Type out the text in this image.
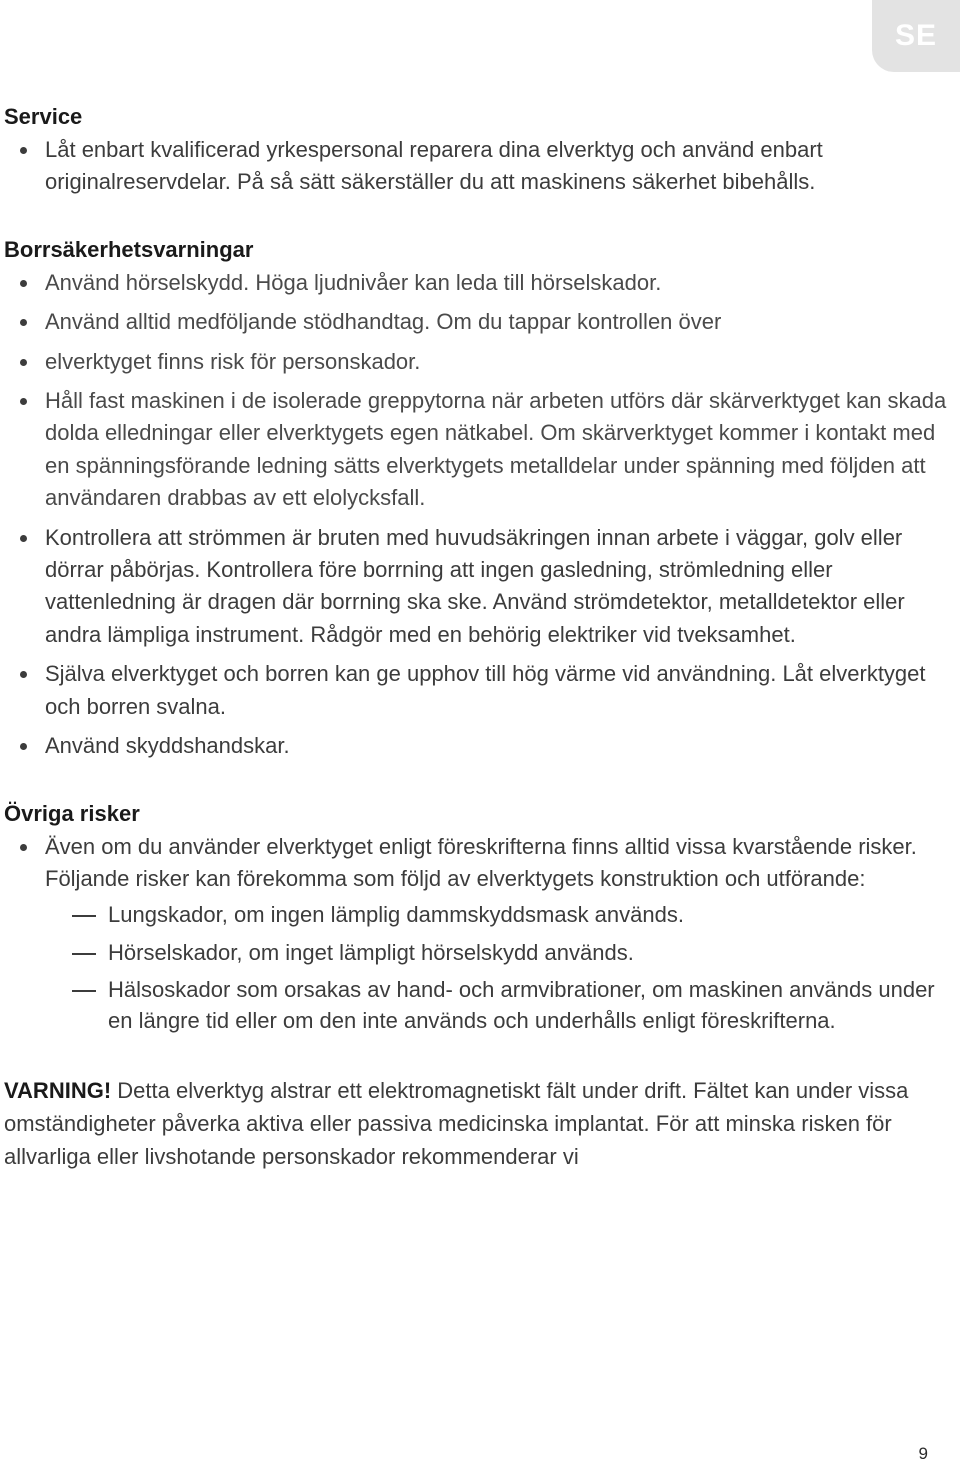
SE
Service
Låt enbart kvalificerad yrkespersonal reparera dina elverktyg och använd enbart originalreservdelar. På så sätt säkerställer du att maskinens säkerhet bibehålls.
Borrsäkerhetsvarningar
Använd hörselskydd. Höga ljudnivåer kan leda till hörselskador.
Använd alltid medföljande stödhandtag. Om du tappar kontrollen över
elverktyget finns risk för personskador.
Håll fast maskinen i de isolerade greppytorna när arbeten utförs där skärverktyget kan skada dolda elledningar eller elverktygets egen nätkabel. Om skärverktyget kommer i kontakt med en spänningsförande ledning sätts elverktygets metalldelar under spänning med följden att användaren drabbas av ett elolycksfall.
Kontrollera att strömmen är bruten med huvudsäkringen innan arbete i väggar, golv eller dörrar påbörjas. Kontrollera före borrning att ingen gasledning, strömledning eller vattenledning är dragen där borrning ska ske. Använd strömdetektor, metalldetektor eller andra lämpliga instrument. Rådgör med en behörig elektriker vid tveksamhet.
Själva elverktyget och borren kan ge upphov till hög värme vid användning. Låt elverktyget och borren svalna.
Använd skyddshandskar.
Övriga risker
Även om du använder elverktyget enligt föreskrifterna finns alltid vissa kvarstående risker. Följande risker kan förekomma som följd av elverktygets konstruktion och utförande:
Lungskador, om ingen lämplig dammskyddsmask används.
Hörselskador, om inget lämpligt hörselskydd används.
Hälsoskador som orsakas av hand- och armvibrationer, om maskinen används under en längre tid eller om den inte används och underhålls enligt föreskrifterna.

VARNING! Detta elverktyg alstrar ett elektromagnetiskt fält under drift. Fältet kan under vissa omständigheter påverka aktiva eller passiva medicinska implantat. För att minska risken för allvarliga eller livshotande personskador rekommenderar vi

9
